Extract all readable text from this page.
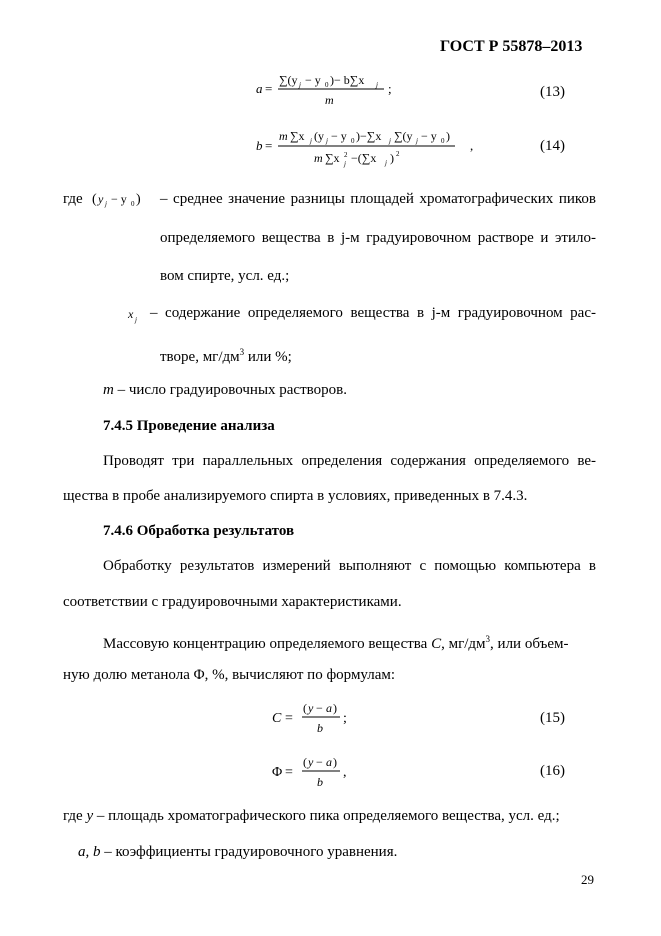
ГОСТ Р 55878–2013
a =
∑(y j − y 0 )− b∑x j
m
;	(13)
b =
m ∑x j (y j − y 0 )−∑x j ∑(y j − y 0 )
m ∑x 2
j −(∑x j ) 2
,	(14)
где ( y j − y 0 ) – среднее значение разницы площадей хроматографических пиков
определяемого вещества в j-м градуировочном растворе и этило-
вом спирте, усл. ед.;
x j – содержание определяемого вещества в j-м градуировочном рас-
творе, $мг/дм^3$ или %;
m – число градуировочных растворов.
7.4.5 Проведение анализа
Проводят три параллельных определения содержания определяемого ве-
щества в пробе анализируемого спирта в условиях, приведенных в 7.4.3.
7.4.6 Обработка результатов
Обработку результатов измерений выполняют с помощью компьютера в
соответствии с градуировочными характеристиками.
Массовую концентрацию определяемого вещества C, $мг/дм^3$, или объем-
ную долю метанола Φ, %, вычисляют по формулам:
C =
( y − a )
b
;	(15)
Φ =
( y − a )
b
,	(16)
где y – площадь хроматографического пика определяемого вещества, усл. ед.;
a, b – коэффициенты градуировочного уравнения.
29
